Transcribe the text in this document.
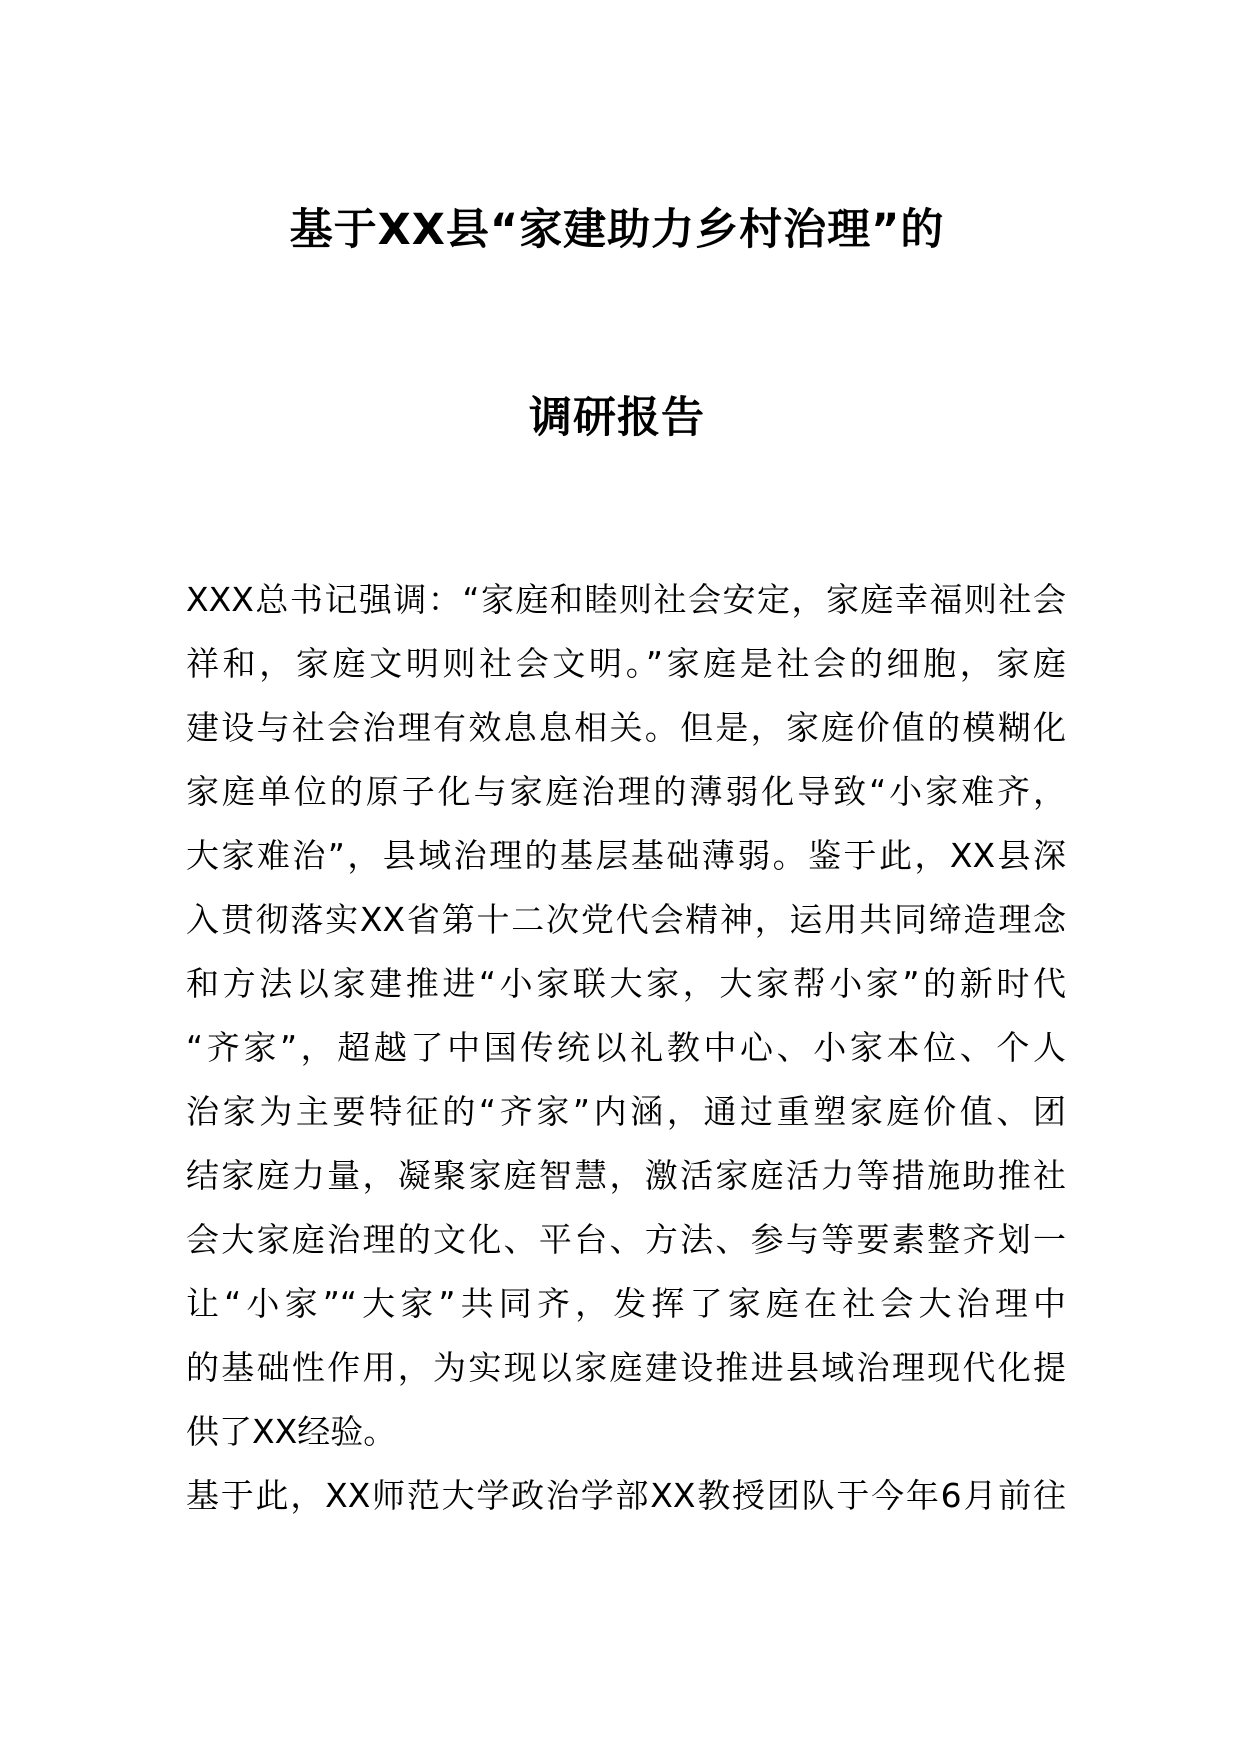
基于XX县“家建助力乡村治理”的
调研报告
XXX总书记强调：“家庭和睦则社会安定，家庭幸福则社会
祥和，家庭文明则社会文明。”家庭是社会的细胞，家庭
建设与社会治理有效息息相关。但是，家庭价值的模糊化
家庭单位的原子化与家庭治理的薄弱化导致“小家难齐，
大家难治”，县域治理的基层基础薄弱。鉴于此，XX县深
入贯彻落实XX省第十二次党代会精神，运用共同缔造理念
和方法以家建推进“小家联大家，大家帮小家”的新时代
“齐家”，超越了中国传统以礼教中心、小家本位、个人
治家为主要特征的“齐家”内涵，通过重塑家庭价值、团
结家庭力量，凝聚家庭智慧，激活家庭活力等措施助推社
会大家庭治理的文化、平台、方法、参与等要素整齐划一
让“小家”“大家”共同齐，发挥了家庭在社会大治理中
的基础性作用，为实现以家庭建设推进县域治理现代化提
供了XX经验。
基于此，XX师范大学政治学部XX教授团队于今年6月前往
